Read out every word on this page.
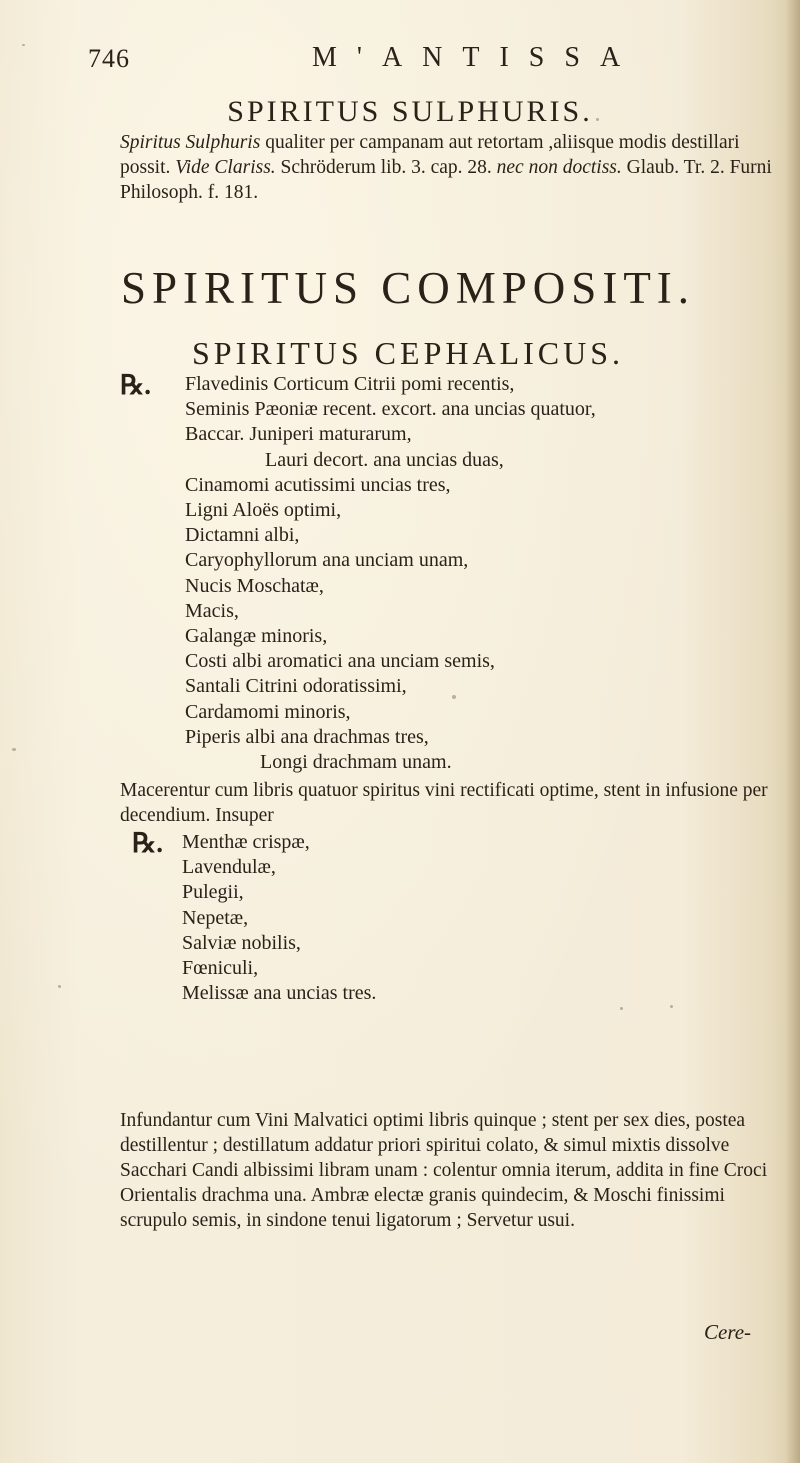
746	M'ANTISSA
SPIRITUS SULPHURIS.
Spiritus Sulphuris qualiter per campanam aut retortam ,aliisque modis destillari possit. Vide Clariss. Schröderum lib. 3. cap. 28. nec non doctiss. Glaub. Tr. 2. Furni Philosoph. f. 181.
SPIRITUS COMPOSITI.
SPIRITUS CEPHALICUS.
℞. Flavedinis Corticum Citrii pomi recentis,
Seminis Pæoniæ recent. excort. ana uncias quatuor,
Baccar. Juniperi maturarum,
Lauri decort. ana uncias duas,
Cinamomi acutissimi uncias tres,
Ligni Aloës optimi,
Dictamni albi,
Caryophyllorum ana unciam unam,
Nucis Moschatæ,
Macis,
Galangæ minoris,
Costi albi aromatici ana unciam semis,
Santali Citrini odoratissimi,
Cardamomi minoris,
Piperis albi ana drachmas tres,
Longi drachmam unam.
Macerentur cum libris quatuor spiritus vini rectificati optime, stent in infusione per decendium. Insuper
℞. Menthæ crispæ,
Lavendulæ,
Pulegii,
Nepetæ,
Salviæ nobilis,
Fœniculi,
Melissæ ana uncias tres.
Infundantur cum Vini Malvatici optimi libris quinque ; stent per sex dies, postea destillentur ; destillatum addatur priori spiritui colato, & simul mixtis dissolve Sacchari Candi albissimi libram unam : colentur omnia iterum, addita in fine Croci Orientalis drachma una. Ambræ electæ granis quindecim, & Moschi finissimi scrupulo semis, in sindone tenui ligatorum ; Servetur usui.
Cere-
